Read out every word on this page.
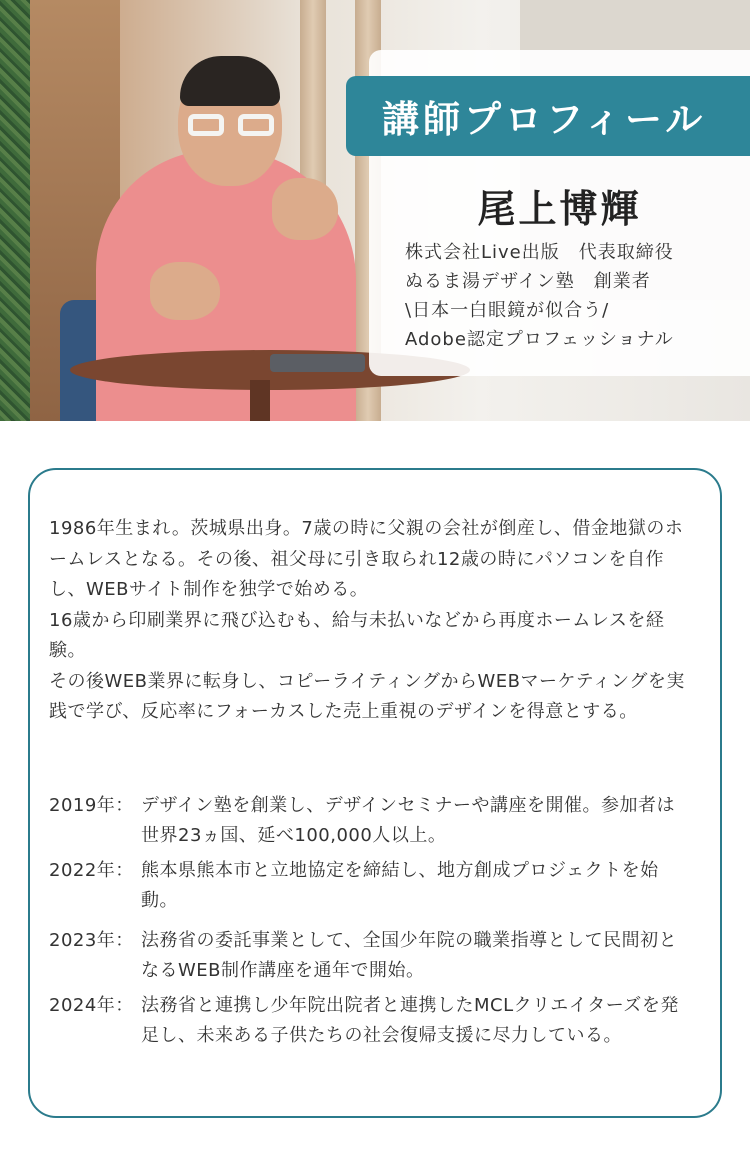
講師プロフィール
尾上博輝
株式会社Live出版　代表取締役
ぬるま湯デザイン塾　創業者
\日本一白眼鏡が似合う/
Adobe認定プロフェッショナル

1986年生まれ。茨城県出身。7歳の時に父親の会社が倒産し、借金地獄のホームレスとなる。その後、祖父母に引き取られ12歳の時にパソコンを自作し、WEBサイト制作を独学で始める。

16歳から印刷業界に飛び込むも、給与未払いなどから再度ホームレスを経験。

その後WEB業界に転身し、コピーライティングからWEBマーケティングを実践で学び、反応率にフォーカスした売上重視のデザインを得意とする。

2019年： デザイン塾を創業し、デザインセミナーや講座を開催。参加者は世界23ヵ国、延べ100,000人以上。
2022年： 熊本県熊本市と立地協定を締結し、地方創成プロジェクトを始動。
2023年： 法務省の委託事業として、全国少年院の職業指導として民間初となるWEB制作講座を通年で開始。
2024年： 法務省と連携し少年院出院者と連携したMCLクリエイターズを発足し、未来ある子供たちの社会復帰支援に尽力している。
